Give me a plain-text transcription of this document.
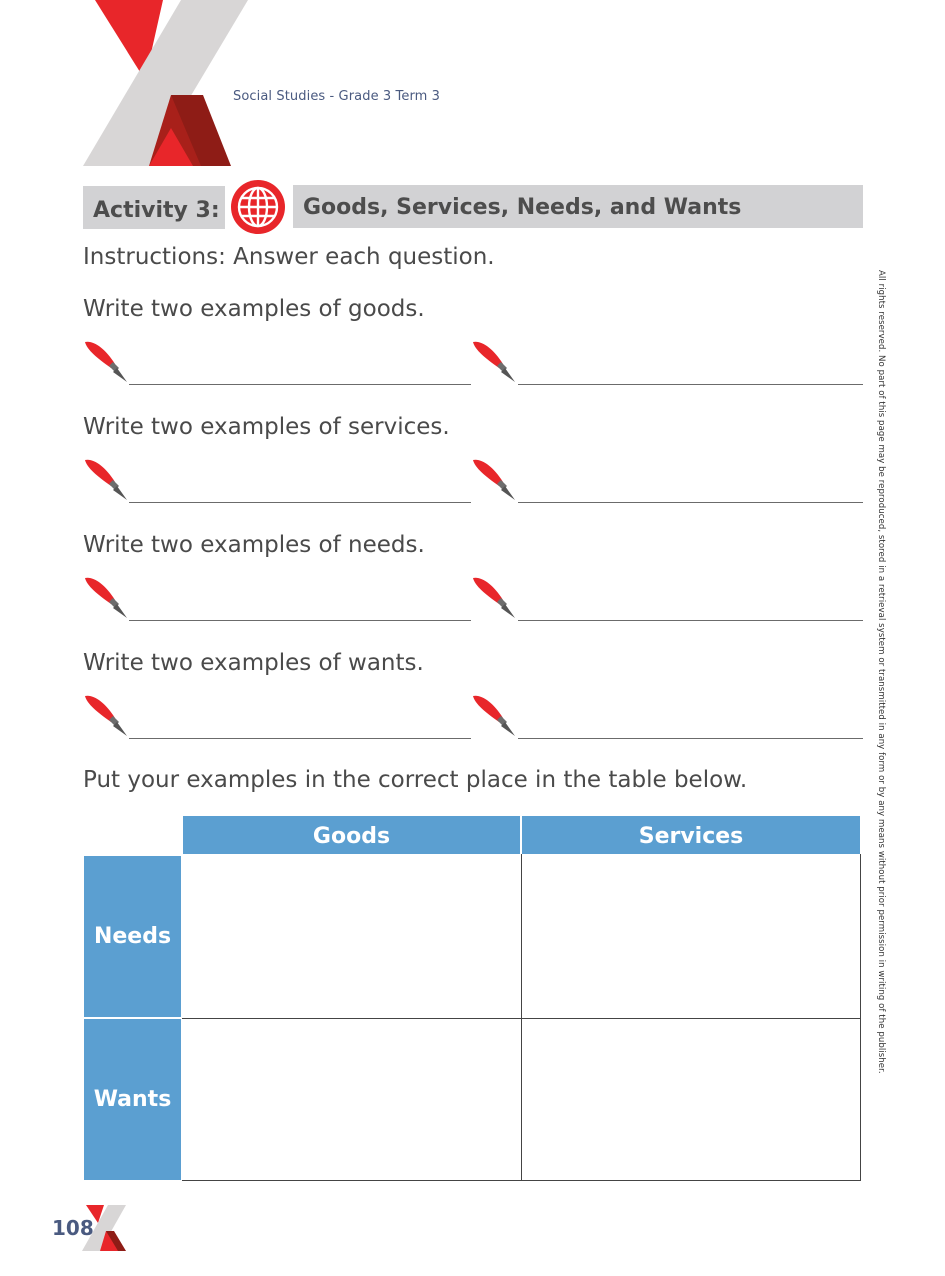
Social Studies - Grade 3 Term 3
Activity 3:	Goods, Services, Needs, and Wants
Instructions: Answer each question.
Write two examples of goods.
Write two examples of services.
Write two examples of needs.
Write two examples of wants.
Put your examples in the correct place in the table below.
Goods	Services
Needs
Wants
All rights reserved. No part of this page may be reproduced, stored in a retrieval system or transmitted in any form or by any means without prior permission in writing of the publisher.
108
